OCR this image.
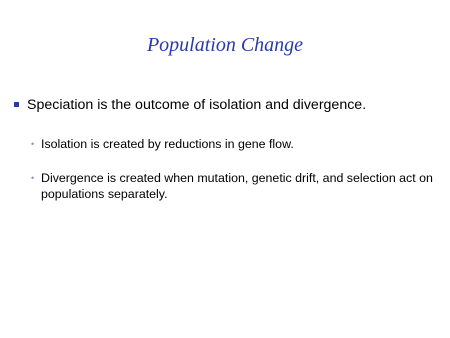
Population Change
Speciation is the outcome of isolation and divergence.
• Isolation is created by reductions in gene flow.
• Divergence is created when mutation, genetic drift, and selection act on populations separately.
